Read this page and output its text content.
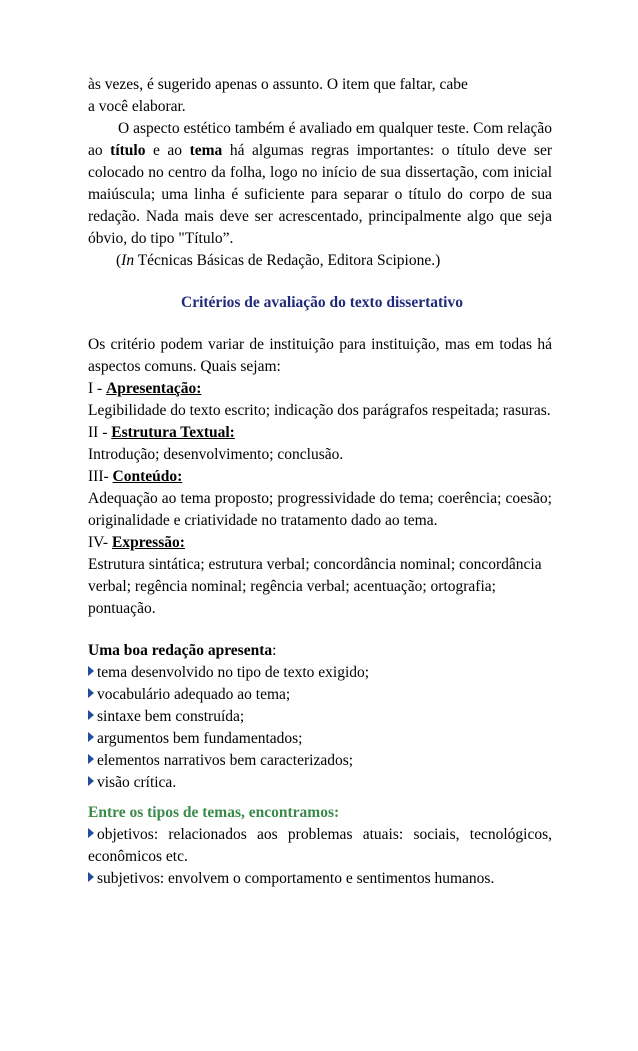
às vezes, é sugerido apenas o assunto. O item que faltar, cabe

a você elaborar.

O aspecto estético também é avaliado em qualquer teste. Com relação ao título e ao tema há algumas regras importantes: o título deve ser colocado no centro da folha, logo no início de sua dissertação, com inicial maiúscula; uma linha é suficiente para separar o título do corpo de sua redação. Nada mais deve ser acrescentado, principalmente algo que seja óbvio, do tipo "Título”.

(In Técnicas Básicas de Redação, Editora Scipione.)

Critérios de avaliação do texto dissertativo

Os critério podem variar de instituição para instituição, mas em todas há aspectos comuns. Quais sejam:

I - Apresentação:

Legibilidade do texto escrito; indicação dos parágrafos respeitada; rasuras.

II - Estrutura Textual:

Introdução; desenvolvimento; conclusão.

III- Conteúdo:

Adequação ao tema proposto; progressividade do tema; coerência; coesão; originalidade e criatividade no tratamento dado ao tema.

IV- Expressão:

Estrutura sintática; estrutura verbal; concordância nominal; concordância verbal; regência nominal; regência verbal; acentuação; ortografia; pontuação.

Uma boa redação apresenta:

tema desenvolvido no tipo de texto exigido;
vocabulário adequado ao tema;
sintaxe bem construída;
argumentos bem fundamentados;
elementos narrativos bem caracterizados;
visão crítica.

Entre os tipos de temas, encontramos:

objetivos: relacionados aos problemas atuais: sociais, tecnológicos, econômicos etc.

subjetivos: envolvem o comportamento e sentimentos humanos.
